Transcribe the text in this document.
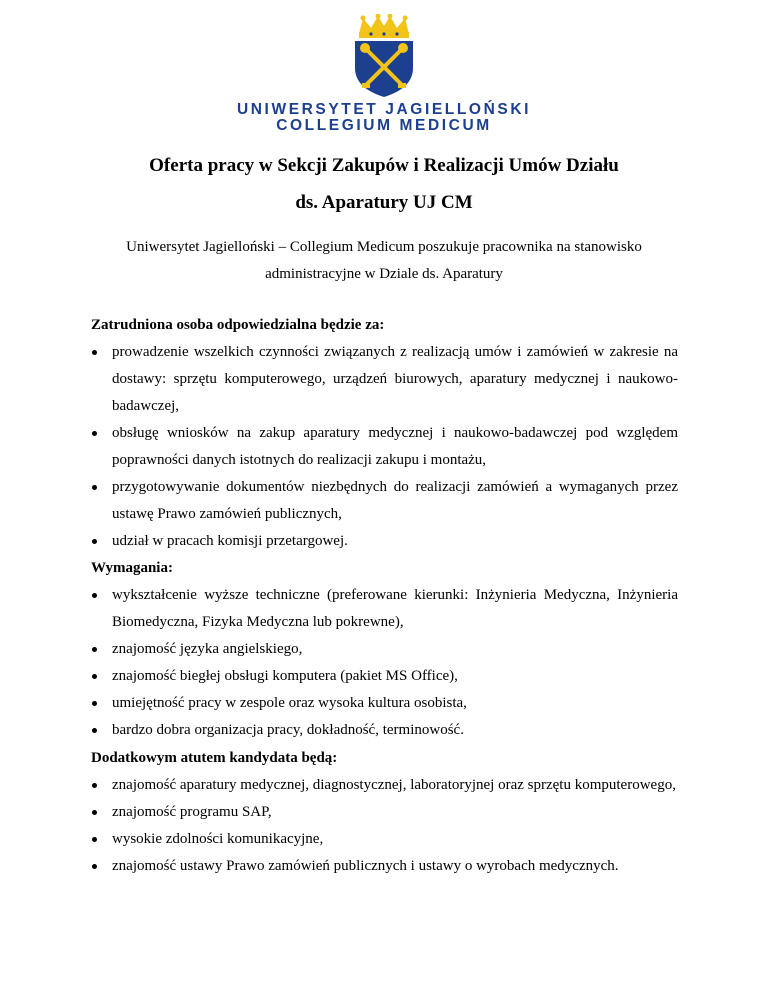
UNIWERSYTET JAGIELLOŃSKI
COLLEGIUM MEDICUM
Oferta pracy w Sekcji Zakupów i Realizacji Umów Działu
ds. Aparatury UJ CM
Uniwersytet Jagielloński – Collegium Medicum poszukuje pracownika na stanowisko
administracyjne w Dziale ds. Aparatury
Zatrudniona osoba odpowiedzialna będzie za:
prowadzenie wszelkich czynności związanych z realizacją umów i zamówień w zakresie na dostawy: sprzętu komputerowego, urządzeń biurowych, aparatury medycznej i naukowo-badawczej,
obsługę wniosków na zakup aparatury medycznej i naukowo-badawczej pod względem poprawności danych istotnych do realizacji zakupu i montażu,
przygotowywanie dokumentów niezbędnych do realizacji zamówień a wymaganych przez ustawę Prawo zamówień publicznych,
udział w pracach komisji przetargowej.
Wymagania:
wykształcenie wyższe techniczne (preferowane kierunki: Inżynieria Medyczna, Inżynieria Biomedyczna, Fizyka Medyczna lub pokrewne),
znajomość języka angielskiego,
znajomość biegłej obsługi komputera (pakiet MS Office),
umiejętność pracy w zespole oraz wysoka kultura osobista,
bardzo dobra organizacja pracy, dokładność, terminowość.
Dodatkowym atutem kandydata będą:
znajomość aparatury medycznej, diagnostycznej, laboratoryjnej oraz sprzętu komputerowego,
znajomość programu SAP,
wysokie zdolności komunikacyjne,
znajomość ustawy Prawo zamówień publicznych i ustawy o wyrobach medycznych.
